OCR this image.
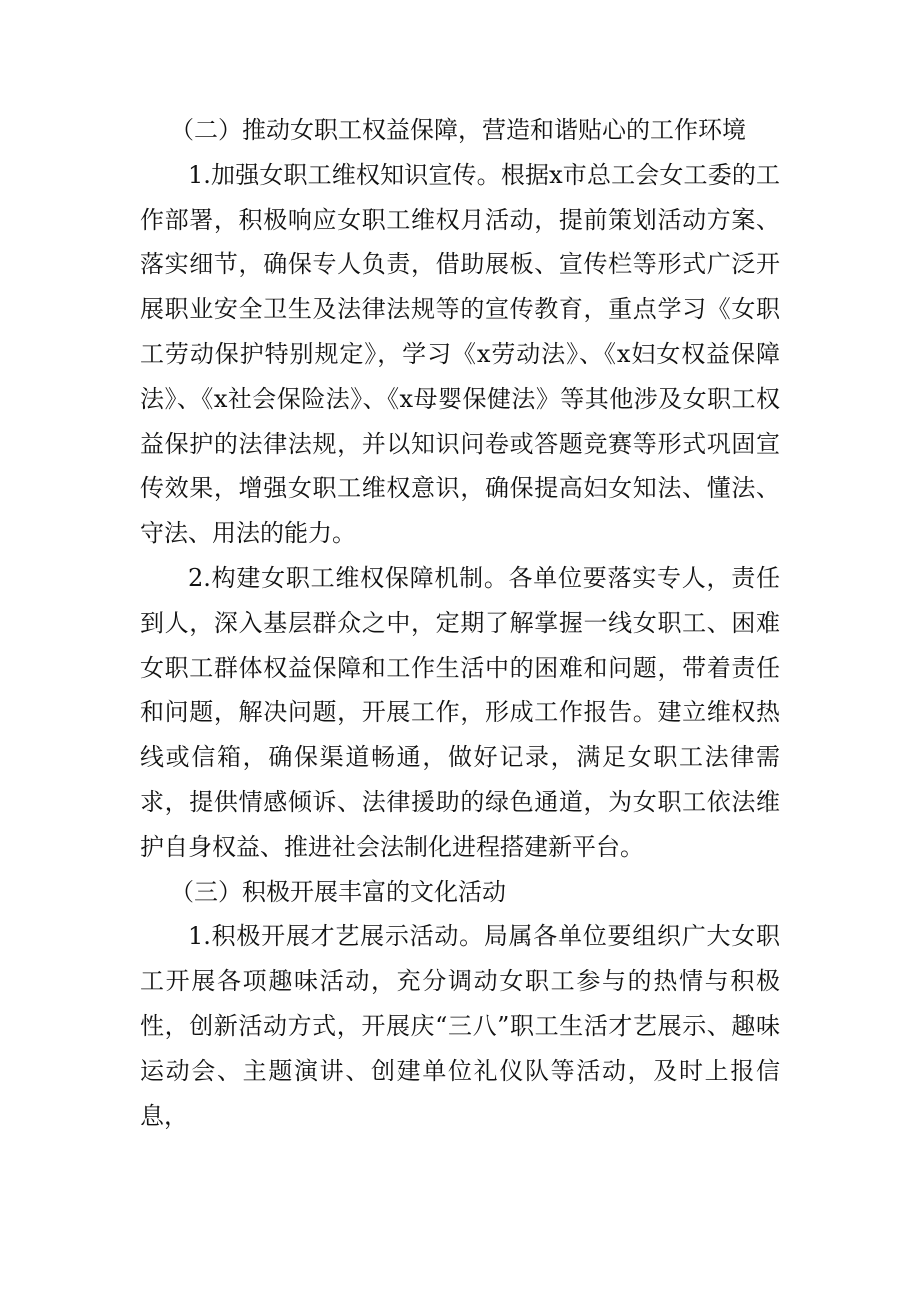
（二）推动女职工权益保障，营造和谐贴心的工作环境

1.加强女职工维权知识宣传。根据x市总工会女工委的工作部署，积极响应女职工维权月活动，提前策划活动方案、落实细节，确保专人负责，借助展板、宣传栏等形式广泛开展职业安全卫生及法律法规等的宣传教育，重点学习《女职工劳动保护特别规定》，学习《x劳动法》、《x妇女权益保障法》、《x社会保险法》、《x母婴保健法》等其他涉及女职工权益保护的法律法规，并以知识问卷或答题竞赛等形式巩固宣传效果，增强女职工维权意识，确保提高妇女知法、懂法、守法、用法的能力。

2.构建女职工维权保障机制。各单位要落实专人，责任到人，深入基层群众之中，定期了解掌握一线女职工、困难女职工群体权益保障和工作生活中的困难和问题，带着责任和问题，解决问题，开展工作，形成工作报告。建立维权热线或信箱，确保渠道畅通，做好记录，满足女职工法律需求，提供情感倾诉、法律援助的绿色通道，为女职工依法维护自身权益、推进社会法制化进程搭建新平台。

（三）积极开展丰富的文化活动

1.积极开展才艺展示活动。局属各单位要组织广大女职工开展各项趣味活动，充分调动女职工参与的热情与积极性，创新活动方式，开展庆“三八”职工生活才艺展示、趣味运动会、主题演讲、创建单位礼仪队等活动，及时上报信息，
